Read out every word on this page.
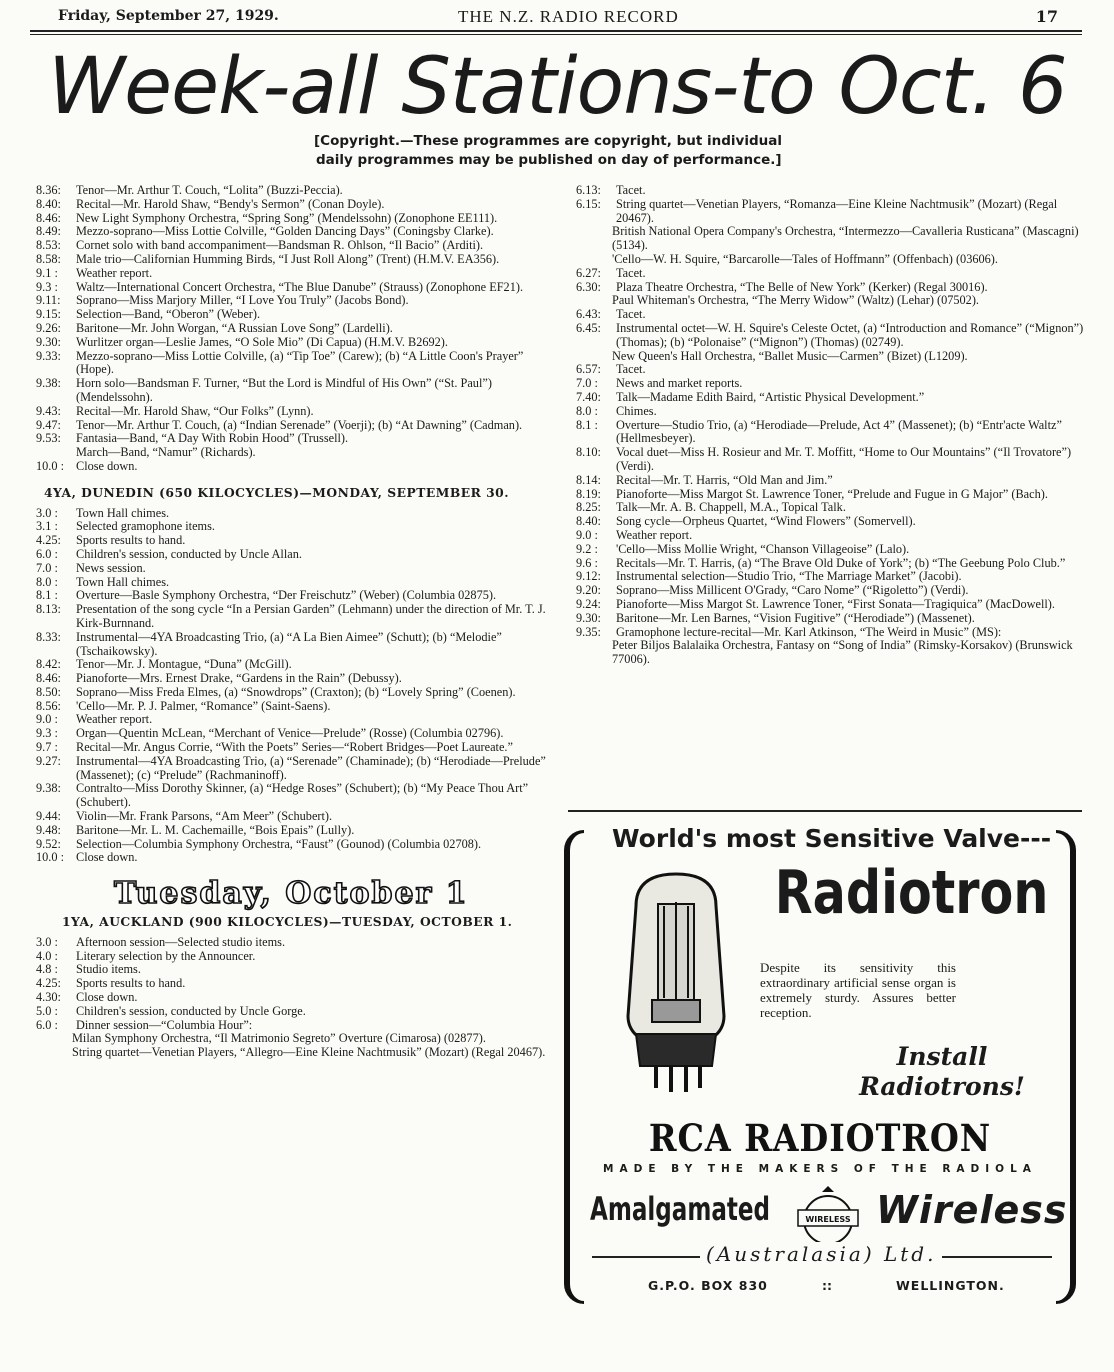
Friday, September 27, 1929.	THE N.Z. RADIO RECORD	17
Week-all Stations-to Oct. 6
[Copyright.—These programmes are copyright, but individual
daily programmes may be published on day of performance.]
8.36:	Tenor—Mr. Arthur T. Couch, “Lolita” (Buzzi-Peccia).
8.40:	Recital—Mr. Harold Shaw, “Bendy's Sermon” (Conan Doyle).
8.46:	New Light Symphony Orchestra, “Spring Song” (Mendelssohn) (Zonophone EE111).
8.49:	Mezzo-soprano—Miss Lottie Colville, “Golden Dancing Days” (Coningsby Clarke).
8.53:	Cornet solo with band accompaniment—Bandsman R. Ohlson, “Il Bacio” (Arditi).
8.58:	Male trio—Californian Humming Birds, “I Just Roll Along” (Trent) (H.M.V. EA356).
9.1 :	Weather report.
9.3 :	Waltz—International Concert Orchestra, “The Blue Danube” (Strauss) (Zonophone EF21).
9.11:	Soprano—Miss Marjory Miller, “I Love You Truly” (Jacobs Bond).
9.15:	Selection—Band, “Oberon” (Weber).
9.26:	Baritone—Mr. John Worgan, “A Russian Love Song” (Lardelli).
9.30:	Wurlitzer organ—Leslie James, “O Sole Mio” (Di Capua) (H.M.V. B2692).
9.33:	Mezzo-soprano—Miss Lottie Colville, (a) “Tip Toe” (Carew); (b) “A Little Coon's Prayer” (Hope).
9.38:	Horn solo—Bandsman F. Turner, “But the Lord is Mindful of His Own” (“St. Paul”) (Mendelssohn).
9.43:	Recital—Mr. Harold Shaw, “Our Folks” (Lynn).
9.47:	Tenor—Mr. Arthur T. Couch, (a) “Indian Serenade” (Voerji); (b) “At Dawning” (Cadman).
9.53:	Fantasia—Band, “A Day With Robin Hood” (Trussell).
March—Band, “Namur” (Richards).
10.0 : Close down.
4YA, DUNEDIN (650 KILOCYCLES)—MONDAY, SEPTEMBER 30.
3.0 :	Town Hall chimes.
3.1 :	Selected gramophone items.
4.25:	Sports results to hand.
6.0 :	Children's session, conducted by Uncle Allan.
7.0 :	News session.
8.0 :	Town Hall chimes.
8.1 :	Overture—Basle Symphony Orchestra, “Der Freischutz” (Weber) (Columbia 02875).
8.13:	Presentation of the song cycle “In a Persian Garden” (Lehmann) under the direction of Mr. T. J. Kirk-Burnnand.
8.33:	Instrumental—4YA Broadcasting Trio, (a) “A La Bien Aimee” (Schutt); (b) “Melodie” (Tschaikowsky).
8.42:	Tenor—Mr. J. Montague, “Duna” (McGill).
8.46:	Pianoforte—Mrs. Ernest Drake, “Gardens in the Rain” (Debussy).
8.50:	Soprano—Miss Freda Elmes, (a) “Snowdrops” (Craxton); (b) “Lovely Spring” (Coenen).
8.56:	'Cello—Mr. P. J. Palmer, “Romance” (Saint-Saens).
9.0 :	Weather report.
9.3 :	Organ—Quentin McLean, “Merchant of Venice—Prelude” (Rosse) (Columbia 02796).
9.7 :	Recital—Mr. Angus Corrie, “With the Poets” Series—“Robert Bridges—Poet Laureate.”
9.27:	Instrumental—4YA Broadcasting Trio, (a) “Serenade” (Chaminade); (b) “Herodiade—Prelude” (Massenet); (c) “Prelude” (Rachmaninoff).
9.38:	Contralto—Miss Dorothy Skinner, (a) “Hedge Roses” (Schubert); (b) “My Peace Thou Art” (Schubert).
9.44:	Violin—Mr. Frank Parsons, “Am Meer” (Schubert).
9.48:	Baritone—Mr. L. M. Cachemaille, “Bois Epais” (Lully).
9.52:	Selection—Columbia Symphony Orchestra, “Faust” (Gounod) (Columbia 02708).
10.0 : Close down.
Tuesday, October 1
1YA, AUCKLAND (900 KILOCYCLES)—TUESDAY, OCTOBER 1.
3.0 :	Afternoon session—Selected studio items.
4.0 :	Literary selection by the Announcer.
4.8 :	Studio items.
4.25:	Sports results to hand.
4.30:	Close down.
5.0 :	Children's session, conducted by Uncle Gorge.
6.0 :	Dinner session—“Columbia Hour”:
Milan Symphony Orchestra, “Il Matrimonio Segreto” Overture (Cimarosa) (02877).
String quartet—Venetian Players, “Allegro—Eine Kleine Nachtmusik” (Mozart) (Regal 20467).
6.13:	Tacet.
6.15:	String quartet—Venetian Players, “Romanza—Eine Kleine Nachtmusik” (Mozart) (Regal 20467).
British National Opera Company's Orchestra, “Intermezzo—Cavalleria Rusticana” (Mascagni) (5134).
'Cello—W. H. Squire, “Barcarolle—Tales of Hoffmann” (Offenbach) (03606).
6.27:	Tacet.
6.30:	Plaza Theatre Orchestra, “The Belle of New York” (Kerker) (Regal 30016).
Paul Whiteman's Orchestra, “The Merry Widow” (Waltz) (Lehar) (07502).
6.43:	Tacet.
6.45:	Instrumental octet—W. H. Squire's Celeste Octet, (a) “Introduction and Romance” (“Mignon”) (Thomas); (b) “Polonaise” (“Mignon”) (Thomas) (02749).
New Queen's Hall Orchestra, “Ballet Music—Carmen” (Bizet) (L1209).
6.57:	Tacet.
7.0 :	News and market reports.
7.40:	Talk—Madame Edith Baird, “Artistic Physical Development.”
8.0 :	Chimes.
8.1 :	Overture—Studio Trio, (a) “Herodiade—Prelude, Act 4” (Massenet); (b) “Entr'acte Waltz” (Hellmesbeyer).
8.10:	Vocal duet—Miss H. Rosieur and Mr. T. Moffitt, “Home to Our Mountains” (“Il Trovatore”) (Verdi).
8.14:	Recital—Mr. T. Harris, “Old Man and Jim.”
8.19:	Pianoforte—Miss Margot St. Lawrence Toner, “Prelude and Fugue in G Major” (Bach).
8.25:	Talk—Mr. A. B. Chappell, M.A., Topical Talk.
8.40:	Song cycle—Orpheus Quartet, “Wind Flowers” (Somervell).
9.0 :	Weather report.
9.2 :	'Cello—Miss Mollie Wright, “Chanson Villageoise” (Lalo).
9.6 :	Recitals—Mr. T. Harris, (a) “The Brave Old Duke of York”; (b) “The Geebung Polo Club.”
9.12:	Instrumental selection—Studio Trio, “The Marriage Market” (Jacobi).
9.20:	Soprano—Miss Millicent O'Grady, “Caro Nome” (“Rigoletto”) (Verdi).
9.24:	Pianoforte—Miss Margot St. Lawrence Toner, “First Sonata—Tragiquica” (MacDowell).
9.30:	Baritone—Mr. Len Barnes, “Vision Fugitive” (“Herodiade”) (Massenet).
9.35:	Gramophone lecture-recital—Mr. Karl Atkinson, “The Weird in Music” (MS):
Peter Biljos Balalaika Orchestra, Fantasy on “Song of India” (Rimsky-Korsakov) (Brunswick 77006).
World's most Sensitive Valve---
Radiotron
Despite its sensitivity this extraordinary artificial sense organ is extremely sturdy. Assures better reception.
Install
Radiotrons!
RCA RADIOTRON
MADE BY THE MAKERS OF THE RADIOLA
Amalgamated	WIRELESS Wireless
(Australasia) Ltd.
G.P.O. BOX 830	::	WELLINGTON.
